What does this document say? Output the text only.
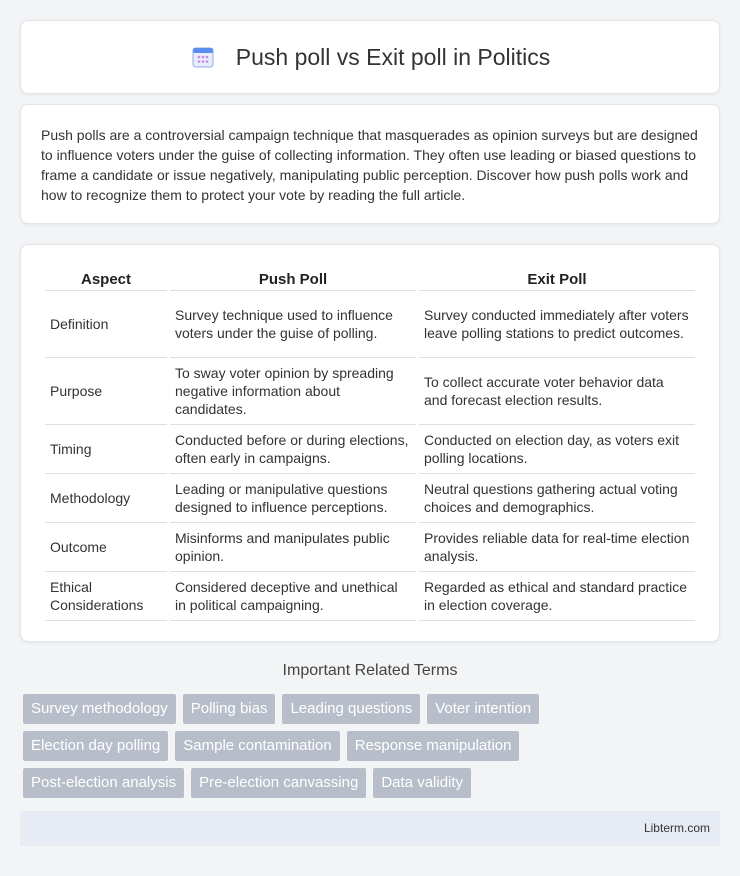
Push poll vs Exit poll in Politics

Push polls are a controversial campaign technique that masquerades as opinion surveys but are designed to influence voters under the guise of collecting information. They often use leading or biased questions to frame a candidate or issue negatively, manipulating public perception. Discover how push polls work and how to recognize them to protect your vote by reading the full article.

Aspect	Push Poll	Exit Poll
Definition	Survey technique used to influence voters under the guise of polling.	Survey conducted immediately after voters leave polling stations to predict outcomes.
Purpose	To sway voter opinion by spreading negative information about candidates.	To collect accurate voter behavior data and forecast election results.
Timing	Conducted before or during elections, often early in campaigns.	Conducted on election day, as voters exit polling locations.
Methodology	Leading or manipulative questions designed to influence perceptions.	Neutral questions gathering actual voting choices and demographics.
Outcome	Misinforms and manipulates public opinion.	Provides reliable data for real-time election analysis.
Ethical Considerations	Considered deceptive and unethical in political campaigning.	Regarded as ethical and standard practice in election coverage.
Important Related Terms
Survey methodology	Polling bias	Leading questions	Voter intention
Election day polling	Sample contamination	Response manipulation
Post-election analysis	Pre-election canvassing	Data validity
Libterm.com
